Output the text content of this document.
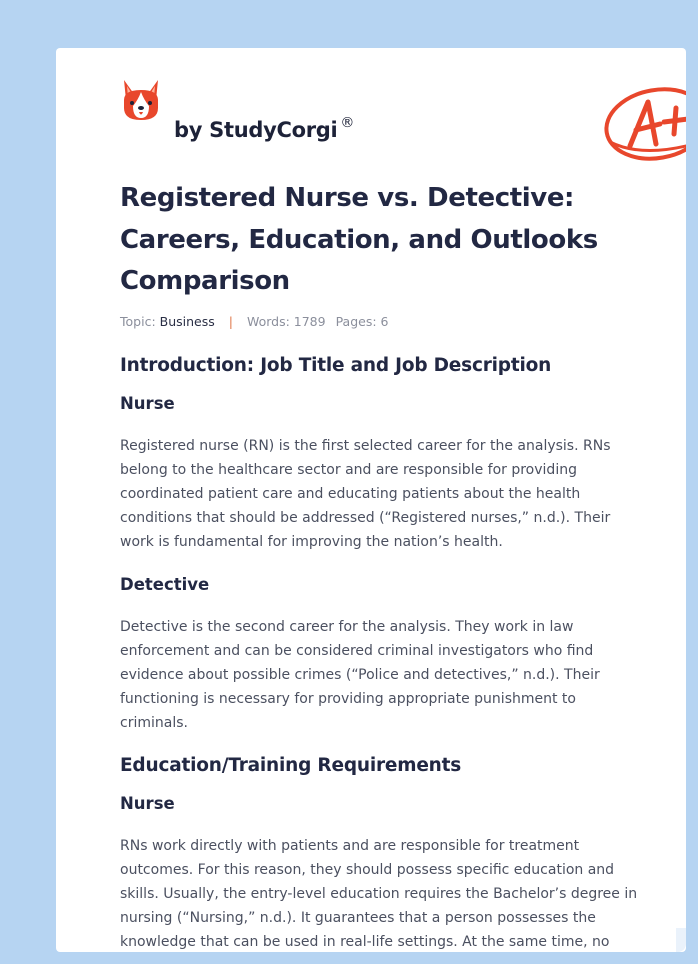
by StudyCorgi ®
Registered Nurse vs. Detective: Careers, Education, and Outlooks Comparison
Topic: Business | Words: 1789 Pages: 6
Introduction: Job Title and Job Description
Nurse

Registered nurse (RN) is the first selected career for the analysis. RNs belong to the healthcare sector and are responsible for providing coordinated patient care and educating patients about the health conditions that should be addressed (“Registered nurses,” n.d.). Their work is fundamental for improving the nation’s health.

Detective

Detective is the second career for the analysis. They work in law enforcement and can be considered criminal investigators who find evidence about possible crimes (“Police and detectives,” n.d.). Their functioning is necessary for providing appropriate punishment to criminals.

Education/Training Requirements
Nurse

RNs work directly with patients and are responsible for treatment outcomes. For this reason, they should possess specific education and skills. Usually, the entry-level education requires the Bachelor’s degree in nursing (“Nursing,” n.d.). It guarantees that a person possesses the knowledge that can be used in real-life settings. At the same time, no
